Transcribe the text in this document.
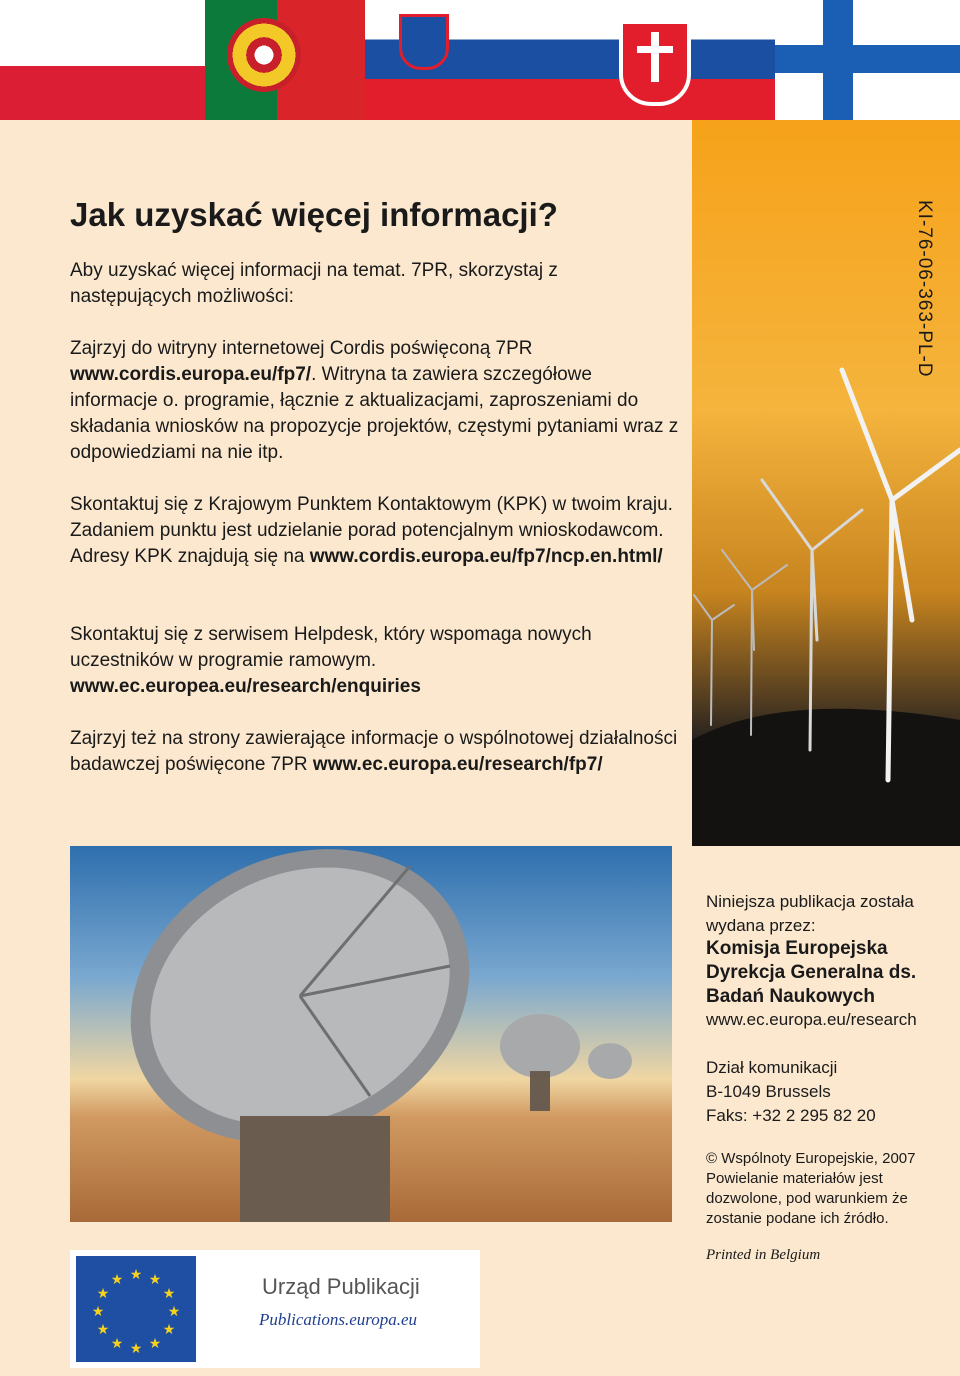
KI-76-06-363-PL-D
Jak uzyskać więcej informacji?

Aby uzyskać więcej informacji na temat. 7PR, skorzystaj z następujących możliwości:

Zajrzyj do witryny internetowej Cordis poświęconą 7PR www.cordis.europa.eu/fp7/. Witryna ta zawiera szczegółowe informacje o. programie, łącznie z aktualizacjami, zaproszeniami do składania wniosków na propozycje projektów, częstymi pytaniami wraz z odpowiedziami na nie itp.

Skontaktuj się z Krajowym Punktem Kontaktowym (KPK) w twoim kraju. Zadaniem punktu jest udzielanie porad potencjalnym wnioskodawcom. Adresy KPK znajdują się na www.cordis.europa.eu/fp7/ncp.en.html/

Skontaktuj się z serwisem Helpdesk, który wspomaga nowych uczestników w programie ramowym. www.ec.europea.eu/research/enquiries

Zajrzyj też na strony zawierające informacje o wspólnotowej działalności badawczej poświęcone 7PR www.ec.europa.eu/research/fp7/

Niniejsza publikacja została wydana przez:

Komisja Europejska

Dyrekcja Generalna ds. Badań Naukowych

www.ec.europa.eu/research

Dział komunikacji

B-1049 Brussels

Faks: +32 2 295 82 20

© Wspólnoty Europejskie, 2007
Powielanie materiałów jest dozwolone, pod warunkiem że zostanie podane ich źródło.
Printed in Belgium
★ ★
★
★
★
★
★
★
★
★
★
★	Urząd Publikacji
Publications.europa.eu
